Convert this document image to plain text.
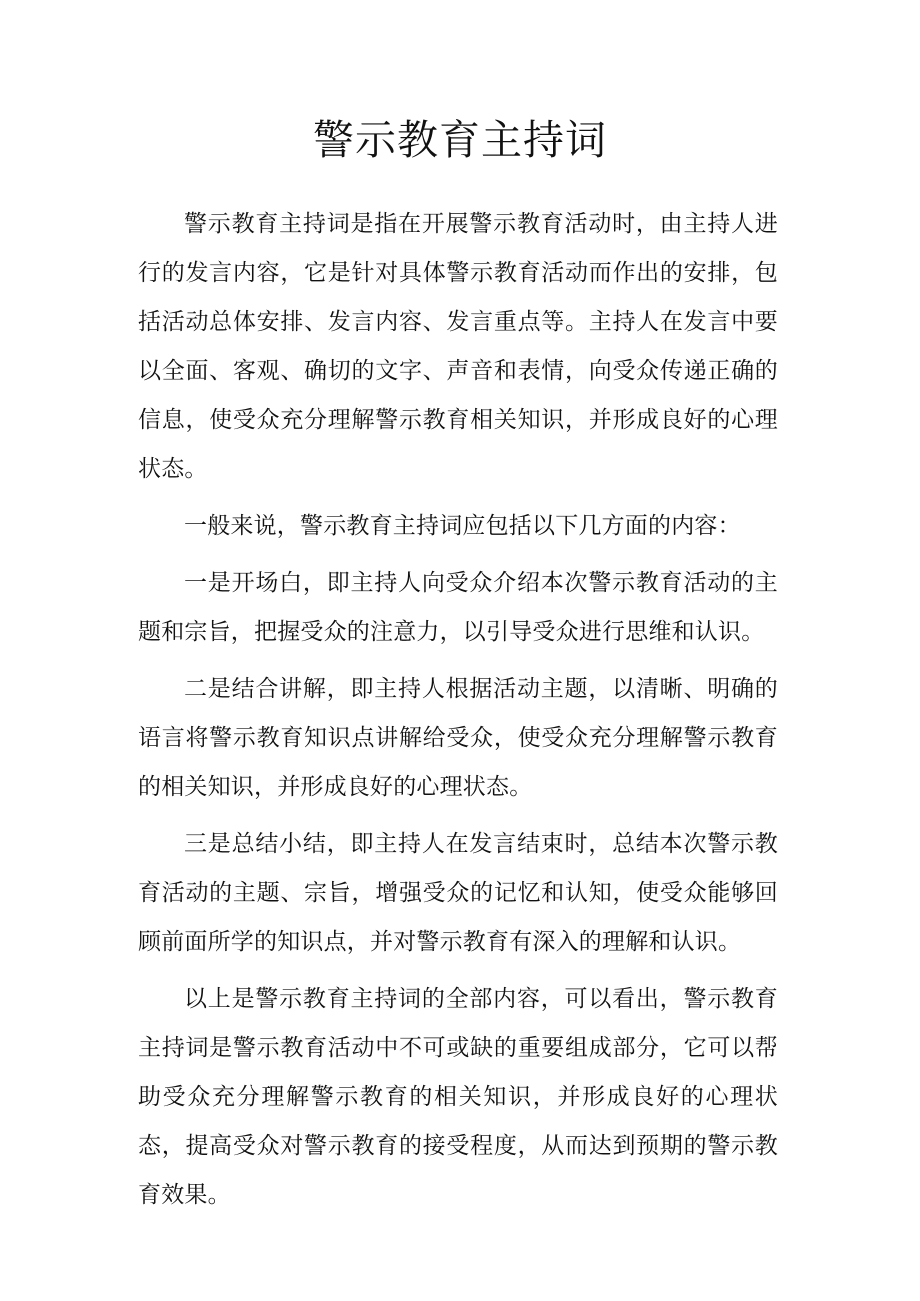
警示教育主持词

警示教育主持词是指在开展警示教育活动时，由主持人进行的发言内容，它是针对具体警示教育活动而作出的安排，包括活动总体安排、发言内容、发言重点等。主持人在发言中要以全面、客观、确切的文字、声音和表情，向受众传递正确的信息，使受众充分理解警示教育相关知识，并形成良好的心理状态。

一般来说，警示教育主持词应包括以下几方面的内容：

一是开场白，即主持人向受众介绍本次警示教育活动的主题和宗旨，把握受众的注意力，以引导受众进行思维和认识。

二是结合讲解，即主持人根据活动主题，以清晰、明确的语言将警示教育知识点讲解给受众，使受众充分理解警示教育的相关知识，并形成良好的心理状态。

三是总结小结，即主持人在发言结束时，总结本次警示教育活动的主题、宗旨，增强受众的记忆和认知，使受众能够回顾前面所学的知识点，并对警示教育有深入的理解和认识。

以上是警示教育主持词的全部内容，可以看出，警示教育主持词是警示教育活动中不可或缺的重要组成部分，它可以帮助受众充分理解警示教育的相关知识，并形成良好的心理状态，提高受众对警示教育的接受程度，从而达到预期的警示教育效果。
